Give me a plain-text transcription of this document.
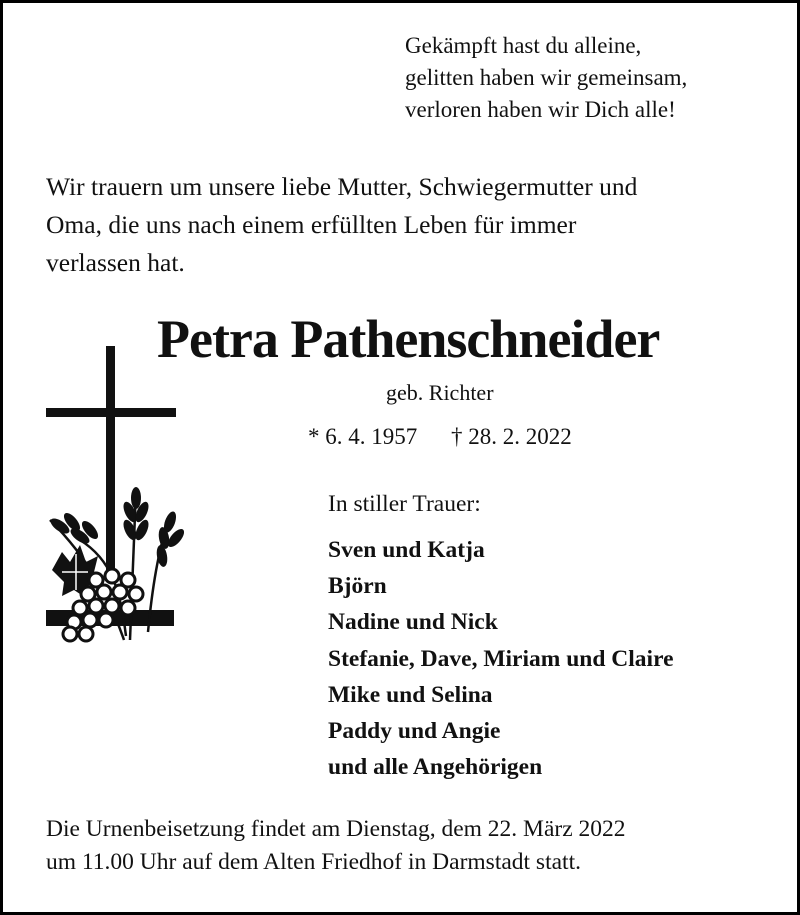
Gekämpft hast du alleine,
gelitten haben wir gemeinsam,
verloren haben wir Dich alle!
Wir trauern um unsere liebe Mutter, Schwiegermutter und
Oma, die uns nach einem erfüllten Leben für immer
verlassen hat.
Petra Pathenschneider
geb. Richter
* 6. 4. 1957 † 28. 2. 2022
In stiller Trauer:
Sven und Katja
Björn
Nadine und Nick
Stefanie, Dave, Miriam und Claire
Mike und Selina
Paddy und Angie
und alle Angehörigen
Die Urnenbeisetzung findet am Dienstag, dem 22. März 2022
um 11.00 Uhr auf dem Alten Friedhof in Darmstadt statt.
